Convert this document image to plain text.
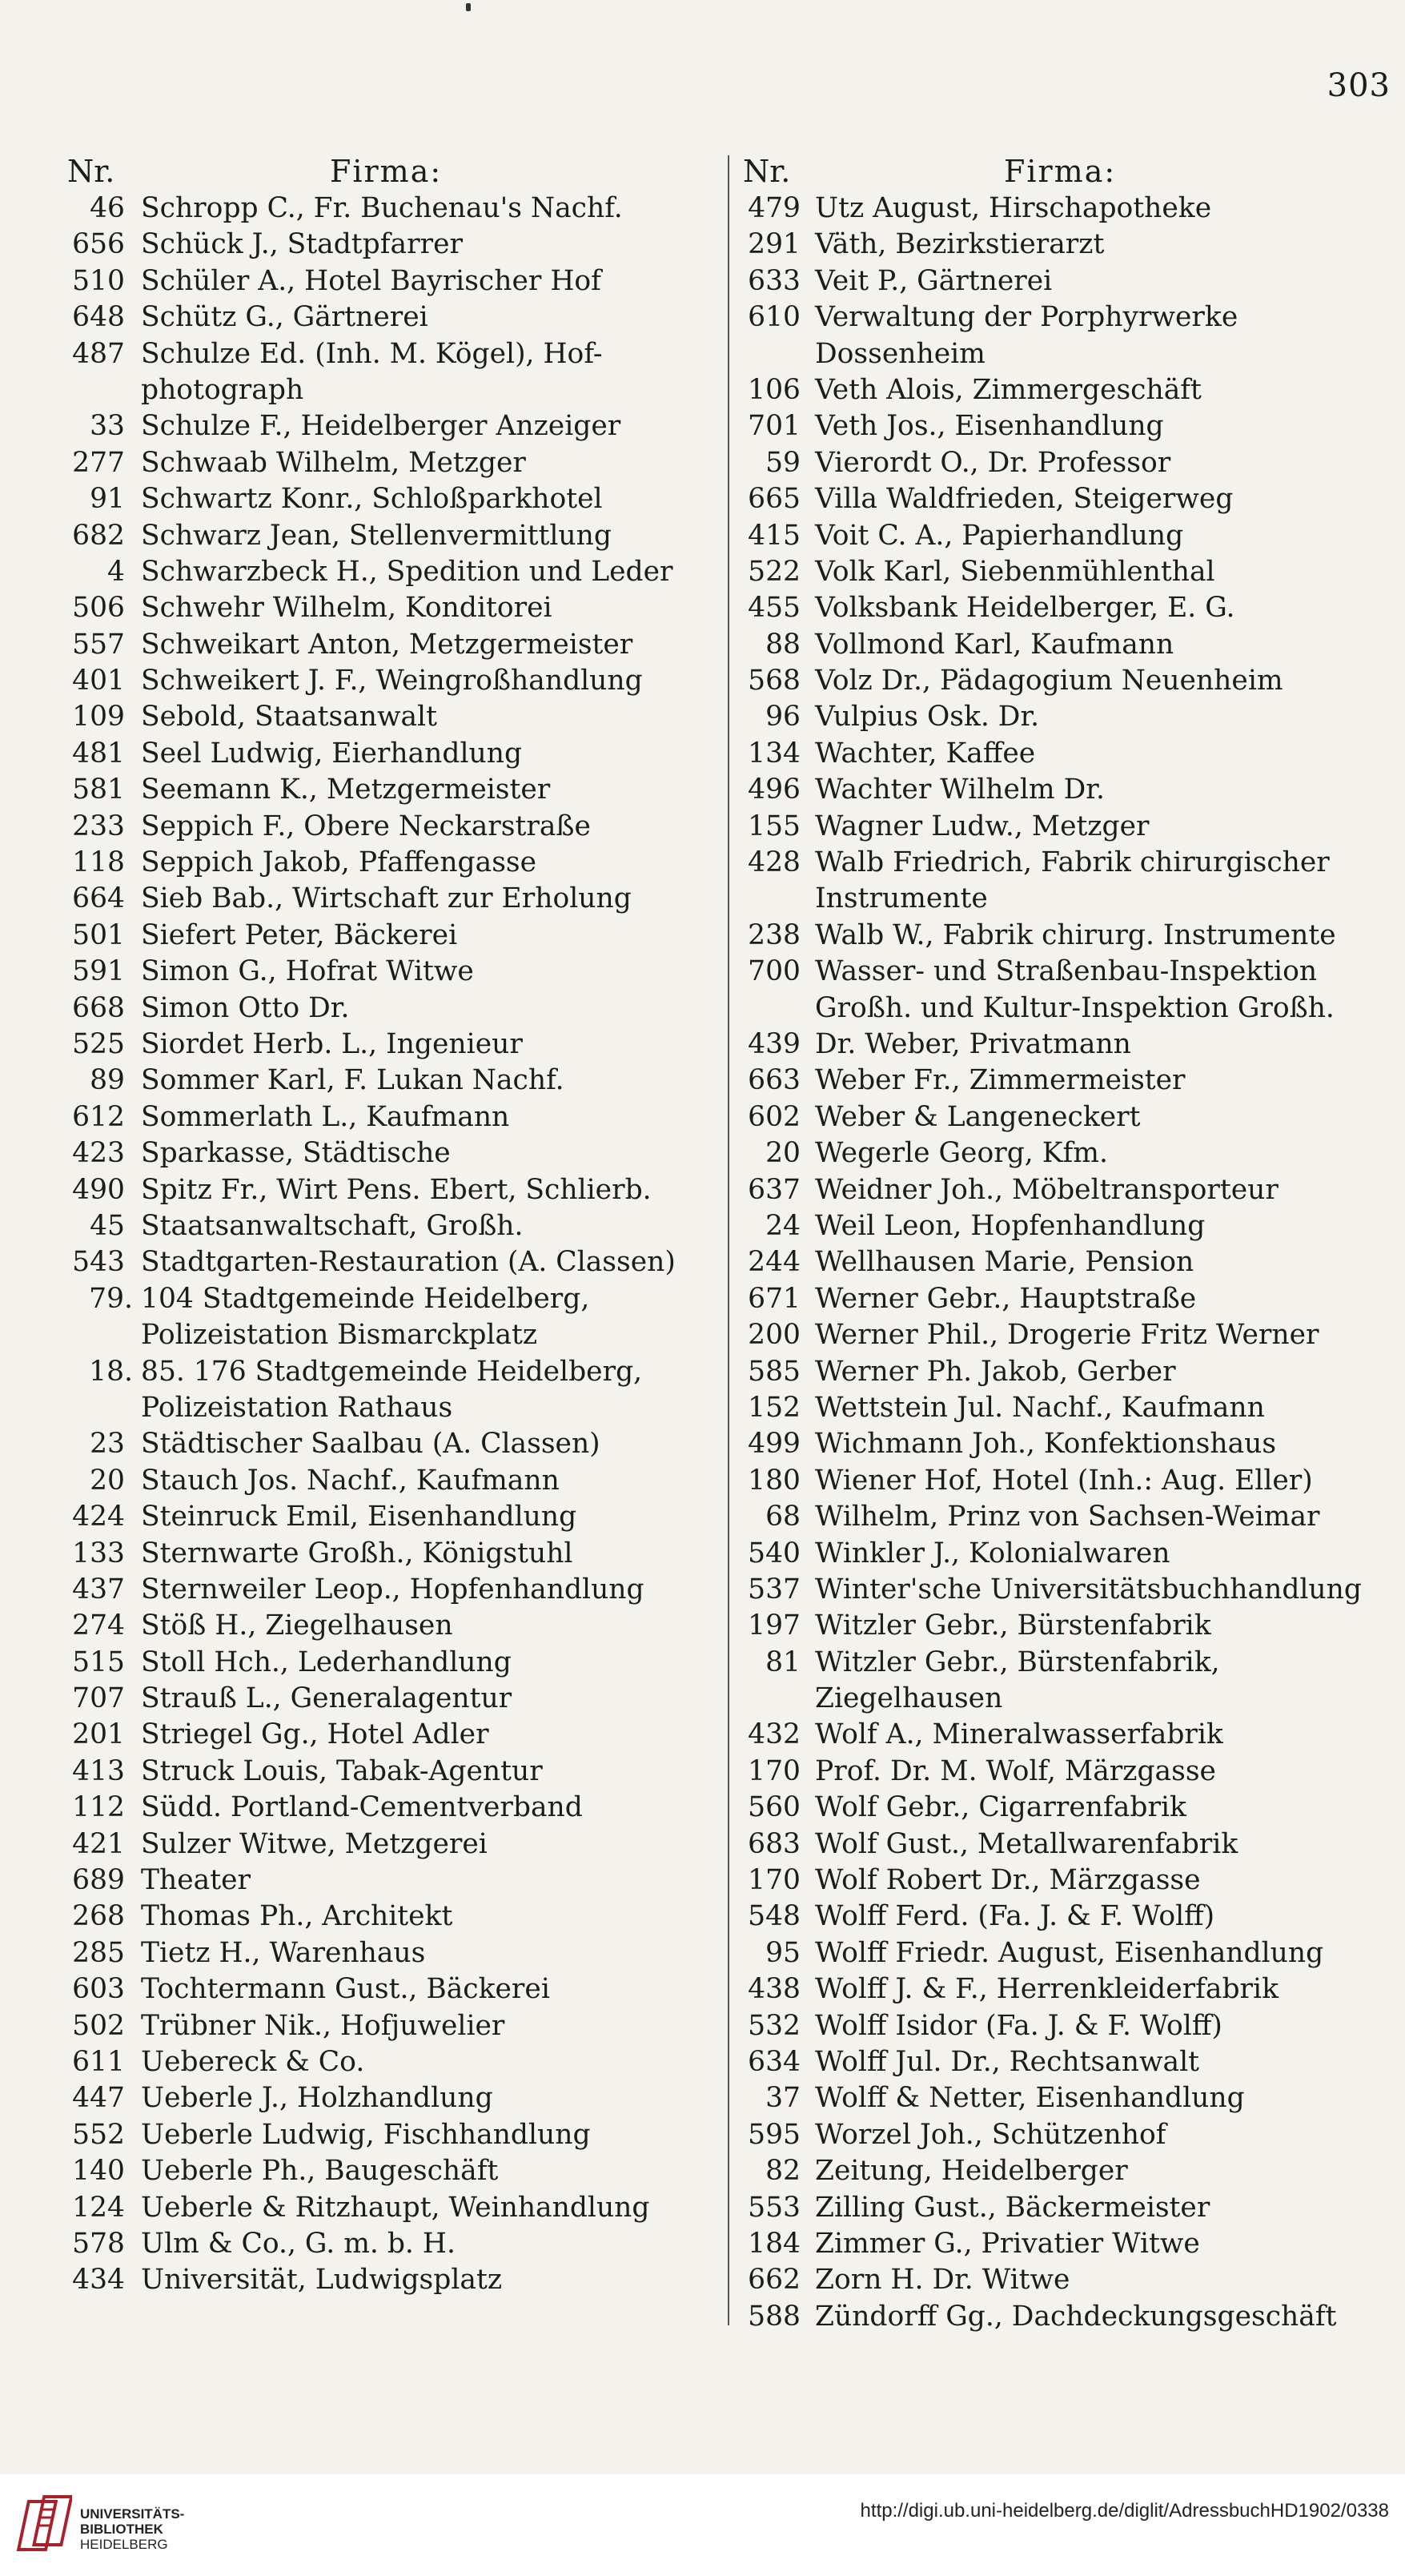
303
Nr.	Firma:
46 Schropp C., Fr. Buchenau's Nachf.
656 Schück J., Stadtpfarrer
510 Schüler A., Hotel Bayrischer Hof
648 Schütz G., Gärtnerei
487 Schulze Ed. (Inh. M. Kögel), Hof-photograph
33 Schulze F., Heidelberger Anzeiger
277 Schwaab Wilhelm, Metzger
91 Schwartz Konr., Schloßparkhotel
682 Schwarz Jean, Stellenvermittlung
4 Schwarzbeck H., Spedition und Leder
506 Schwehr Wilhelm, Konditorei
557 Schweikart Anton, Metzgermeister
401 Schweikert J. F., Weingroßhandlung
109 Sebold, Staatsanwalt
481 Seel Ludwig, Eierhandlung
581 Seemann K., Metzgermeister
233 Seppich F., Obere Neckarstraße
118 Seppich Jakob, Pfaffengasse
664 Sieb Bab., Wirtschaft zur Erholung
501 Siefert Peter, Bäckerei
591 Simon G., Hofrat Witwe
668 Simon Otto Dr.
525 Siordet Herb. L., Ingenieur
89 Sommer Karl, F. Lukan Nachf.
612 Sommerlath L., Kaufmann
423 Sparkasse, Städtische
490 Spitz Fr., Wirt Pens. Ebert, Schlierb.
45 Staatsanwaltschaft, Großh.
543 Stadtgarten-Restauration (A. Classen)
79. 104 Stadtgemeinde Heidelberg, Polizeistation Bismarckplatz
18. 85. 176 Stadtgemeinde Heidelberg, Polizeistation Rathaus
23 Städtischer Saalbau (A. Classen)
20 Stauch Jos. Nachf., Kaufmann
424 Steinruck Emil, Eisenhandlung
133 Sternwarte Großh., Königstuhl
437 Sternweiler Leop., Hopfenhandlung
274 Stöß H., Ziegelhausen
515 Stoll Hch., Lederhandlung
707 Strauß L., Generalagentur
201 Striegel Gg., Hotel Adler
413 Struck Louis, Tabak-Agentur
112 Südd. Portland-Cementverband
421 Sulzer Witwe, Metzgerei
689 Theater
268 Thomas Ph., Architekt
285 Tietz H., Warenhaus
603 Tochtermann Gust., Bäckerei
502 Trübner Nik., Hofjuwelier
611 Uebereck & Co.
447 Ueberle J., Holzhandlung
552 Ueberle Ludwig, Fischhandlung
140 Ueberle Ph., Baugeschäft
124 Ueberle & Ritzhaupt, Weinhandlung
578 Ulm & Co., G. m. b. H.
434 Universität, Ludwigsplatz
Nr.	Firma:
479 Utz August, Hirschapotheke
291 Väth, Bezirkstierarzt
633 Veit P., Gärtnerei
610 Verwaltung der Porphyrwerke Dossenheim
106 Veth Alois, Zimmergeschäft
701 Veth Jos., Eisenhandlung
59 Vierordt O., Dr. Professor
665 Villa Waldfrieden, Steigerweg
415 Voit C. A., Papierhandlung
522 Volk Karl, Siebenmühlenthal
455 Volksbank Heidelberger, E. G.
88 Vollmond Karl, Kaufmann
568 Volz Dr., Pädagogium Neuenheim
96 Vulpius Osk. Dr.
134 Wachter, Kaffee
496 Wachter Wilhelm Dr.
155 Wagner Ludw., Metzger
428 Walb Friedrich, Fabrik chirurgischer Instrumente
238 Walb W., Fabrik chirurg. Instrumente
700 Wasser- und Straßenbau-Inspektion Großh. und Kultur-Inspektion Großh.
439 Dr. Weber, Privatmann
663 Weber Fr., Zimmermeister
602 Weber & Langeneckert
20 Wegerle Georg, Kfm.
637 Weidner Joh., Möbeltransporteur
24 Weil Leon, Hopfenhandlung
244 Wellhausen Marie, Pension
671 Werner Gebr., Hauptstraße
200 Werner Phil., Drogerie Fritz Werner
585 Werner Ph. Jakob, Gerber
152 Wettstein Jul. Nachf., Kaufmann
499 Wichmann Joh., Konfektionshaus
180 Wiener Hof, Hotel (Inh.: Aug. Eller)
68 Wilhelm, Prinz von Sachsen-Weimar
540 Winkler J., Kolonialwaren
537 Winter'sche Universitätsbuchhandlung
197 Witzler Gebr., Bürstenfabrik
81 Witzler Gebr., Bürstenfabrik, Ziegelhausen
432 Wolf A., Mineralwasserfabrik
170 Prof. Dr. M. Wolf, Märzgasse
560 Wolf Gebr., Cigarrenfabrik
683 Wolf Gust., Metallwarenfabrik
170 Wolf Robert Dr., Märzgasse
548 Wolff Ferd. (Fa. J. & F. Wolff)
95 Wolff Friedr. August, Eisenhandlung
438 Wolff J. & F., Herrenkleiderfabrik
532 Wolff Isidor (Fa. J. & F. Wolff)
634 Wolff Jul. Dr., Rechtsanwalt
37 Wolff & Netter, Eisenhandlung
595 Worzel Joh., Schützenhof
82 Zeitung, Heidelberger
553 Zilling Gust., Bäckermeister
184 Zimmer G., Privatier Witwe
662 Zorn H. Dr. Witwe
588 Zündorff Gg., Dachdeckungsgeschäft
UNIVERSITÄTS-
BIBLIOTHEK
HEIDELBERG
http://digi.ub.uni-heidelberg.de/diglit/AdressbuchHD1902/0338
